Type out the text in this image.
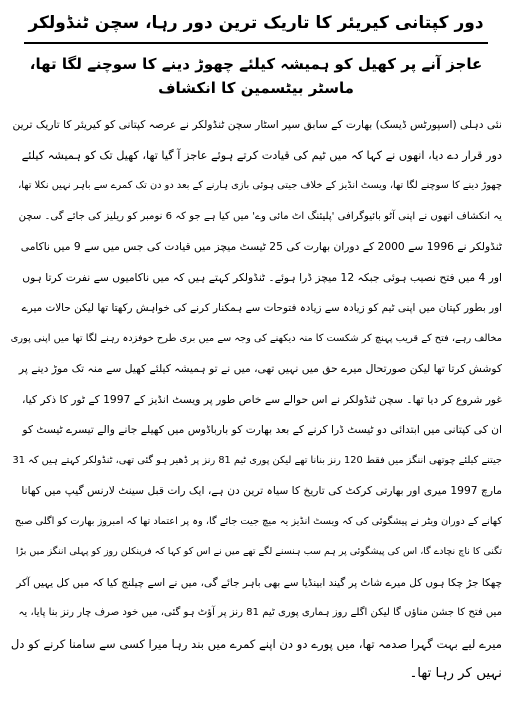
دور کپتانی کیریئر کا تاریک ترین دور رہا، سچن ٹنڈولکر
عاجز آنے پر کھیل کو ہمیشہ کیلئے چھوڑ دینے کا سوچنے لگا تھا، ماسٹر بیٹسمین کا انکشاف
نئی دہلی (اسپورٹس ڈیسک) بھارت کے سابق سپر اسٹار سچن ٹنڈولکر نے عرصہ کپتانی کو کیریئر کا تاریک ترین
دور قرار دے دیا، انھوں نے کہا کہ میں ٹیم کی قیادت کرتے ہوئے عاجز آ گیا تھا، کھیل تک کو ہمیشہ کیلئے
چھوڑ دینے کا سوچنے لگا تھا، ویسٹ انڈیز کے خلاف جیتی ہوئی بازی ہارنے کے بعد دو دن تک کمرے سے باہر نہیں نکلا تھا،
یہ انکشاف انھوں نے اپنی آٹو بائیوگرافی 'پلیئنگ اٹ مائی وے' میں کیا ہے جو کہ 6 نومبر کو ریلیز کی جائے گی۔ سچن
ٹنڈولکر نے 1996 سے 2000 کے دوران بھارت کی 25 ٹیسٹ میچز میں قیادت کی جس میں سے 9 میں ناکامی
اور 4 میں فتح نصیب ہوئی جبکہ 12 میچز ڈرا ہوئے۔ ٹنڈولکر کہتے ہیں کہ میں ناکامیوں سے نفرت کرتا ہوں
اور بطور کپتان میں اپنی ٹیم کو زیادہ سے زیادہ فتوحات سے ہمکنار کرنے کی خواہش رکھتا تھا لیکن حالات میرے
مخالف رہے، فتح کے قریب پہنچ کر شکست کا منہ دیکھنے کی وجہ سے میں بری طرح خوفزدہ رہنے لگا تھا میں اپنی پوری
کوشش کرتا تھا لیکن صورتحال میرے حق میں نہیں تھی، میں نے تو ہمیشہ کیلئے کھیل سے منہ تک موڑ دینے پر
غور شروع کر دیا تھا۔ سچن ٹنڈولکر نے اس حوالے سے خاص طور پر ویسٹ انڈیز کے 1997 کے ٹور کا ذکر کیا،
ان کی کپتانی میں ابتدائی دو ٹیسٹ ڈرا کرنے کے بعد بھارت کو بارباڈوس میں کھیلے جانے والے تیسرے ٹیسٹ کو
جیتنے کیلئے چوتھی اننگز میں فقط 120 رنز بنانا تھے لیکن پوری ٹیم 81 رنز پر ڈھیر ہو گئی تھی، ٹنڈولکر کہتے ہیں کہ 31
مارچ 1997 میری اور بھارتی کرکٹ کی تاریخ کا سیاہ ترین دن ہے، ایک رات قبل سینٹ لارنس گیپ میں کھانا
کھانے کے دوران ویٹر نے پیشگوئی کی کہ ویسٹ انڈیز یہ میچ جیت جائے گا، وہ پر اعتماد تھا کہ امبروز بھارت کو اگلی صبح
تگنی کا ناچ نچادے گا، اس کی پیشگوئی پر ہم سب ہنسنے لگے تھے میں نے اس کو کہا کہ فرینکلن روز کو پہلی اننگز میں بڑا
چھکا جڑ چکا ہوں کل میرے شاٹ پر گیند ابینڈیا سے بھی باہر جائے گی، میں نے اسے چیلنج کیا کہ میں کل یہیں آکر
میں فتح کا جشن مناؤں گا لیکن اگلے روز ہماری پوری ٹیم 81 رنز پر آؤٹ ہو گئی، میں خود صرف چار رنز بنا پایا، یہ
میرے لیے بہت گہرا صدمہ تھا، میں پورے دو دن اپنے کمرے میں بند رہا میرا کسی سے سامنا کرنے کو دل
نہیں کر رہا تھا۔
